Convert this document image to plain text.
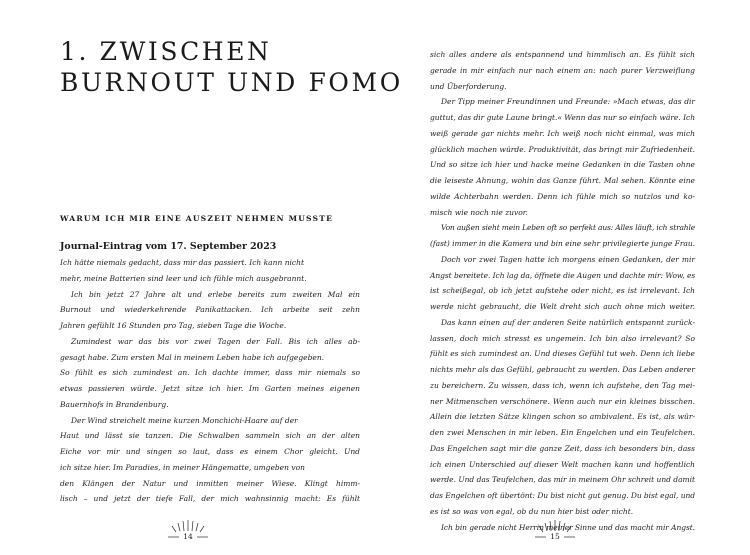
1. ZWISCHEN
BURNOUT UND FOMO
WARUM ICH MIR EINE AUSZEIT NEHMEN MUSSTE
Journal-Eintrag vom 17. September 2023

Ich hätte niemals gedacht, dass mir das passiert. Ich kann nicht
mehr, meine Batterien sind leer und ich fühle mich ausgebrannt.

Ich bin jetzt 27 Jahre alt und erlebe bereits zum zweiten Mal ein
Burnout und wiederkehrende Panikattacken. Ich arbeite seit zehn
Jahren gefühlt 16 Stunden pro Tag, sieben Tage die Woche.

Zumindest war das bis vor zwei Tagen der Fall. Bis ich alles ab-
gesagt habe. Zum ersten Mal in meinem Leben habe ich aufgegeben.
So fühlt es sich zumindest an. Ich dachte immer, dass mir niemals so
etwas passieren würde. Jetzt sitze ich hier. Im Garten meines eigenen
Bauernhofs in Brandenburg.

Der Wind streichelt meine kurzen Monchichi-Haare auf der
Haut und lässt sie tanzen. Die Schwalben sammeln sich an der alten
Eiche vor mir und singen so laut, dass es einem Chor gleicht. Und
ich sitze hier. Im Paradies, in meiner Hängematte, umgeben von
den Klängen der Natur und inmitten meiner Wiese. Klingt himm-
lisch – und jetzt der tiefe Fall, der mich wahnsinnig macht: Es fühlt

14	15

sich alles andere als entspannend und himmlisch an. Es fühlt sich
gerade in mir einfach nur nach einem an: nach purer Verzweiflung
und Überforderung.

Der Tipp meiner Freundinnen und Freunde: »Mach etwas, das dir
guttut, das dir gute Laune bringt.« Wenn das nur so einfach wäre. Ich
weiß gerade gar nichts mehr. Ich weiß noch nicht einmal, was mich
glücklich machen würde. Produktivität, das bringt mir Zufriedenheit.
Und so sitze ich hier und hacke meine Gedanken in die Tasten ohne
die leiseste Ahnung, wohin das Ganze führt. Mal sehen. Könnte eine
wilde Achterbahn werden. Denn ich fühle mich so nutzlos und ko-
misch wie noch nie zuvor.

Von außen sieht mein Leben oft so perfekt aus: Alles läuft, ich strahle
(fast) immer in die Kamera und bin eine sehr privilegierte junge Frau.

Doch vor zwei Tagen hatte ich morgens einen Gedanken, der mir
Angst bereitete. Ich lag da, öffnete die Augen und dachte mir: Wow, es
ist scheißegal, ob ich jetzt aufstehe oder nicht, es ist irrelevant. Ich
werde nicht gebraucht, die Welt dreht sich auch ohne mich weiter.

Das kann einen auf der anderen Seite natürlich entspannt zurück-
lassen, doch mich stresst es ungemein. Ich bin also irrelevant? So
fühlt es sich zumindest an. Und dieses Gefühl tut weh. Denn ich liebe
nichts mehr als das Gefühl, gebraucht zu werden. Das Leben anderer
zu bereichern. Zu wissen, dass ich, wenn ich aufstehe, den Tag mei-
ner Mitmenschen verschönere. Wenn auch nur ein kleines bisschen.
Allein die letzten Sätze klingen schon so ambivalent. Es ist, als wür-
den zwei Menschen in mir leben. Ein Engelchen und ein Teufelchen.
Das Engelchen sagt mir die ganze Zeit, dass ich besonders bin, dass
ich einen Unterschied auf dieser Welt machen kann und hoffentlich
werde. Und das Teufelchen, das mir in meinem Ohr schreit und damit
das Engelchen oft übertönt: Du bist nicht gut genug. Du bist egal, und
es ist so was von egal, ob du nun hier bist oder nicht.

Ich bin gerade nicht Herrin meiner Sinne und das macht mir Angst.
